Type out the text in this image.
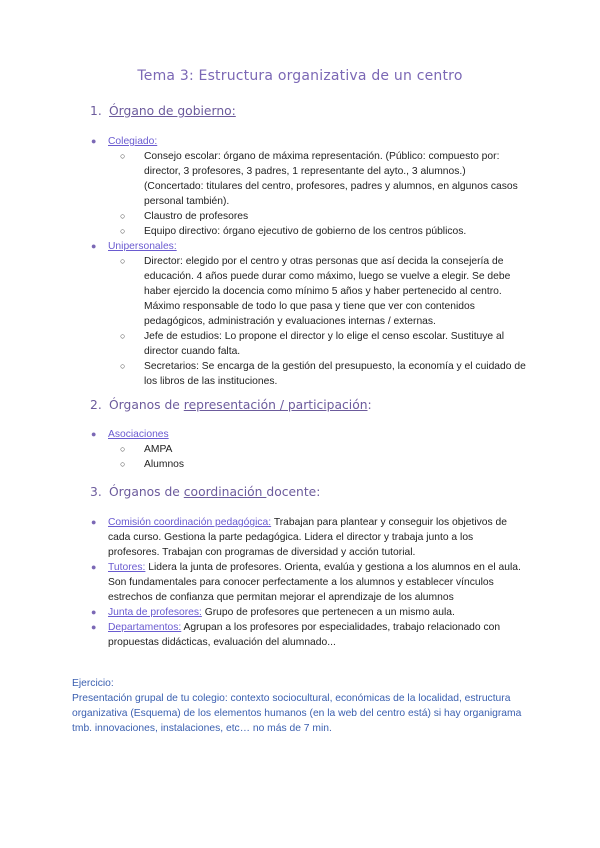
Tema 3: Estructura organizativa de un centro
1. Órgano de gobierno:
● Colegiado:
○ Consejo escolar: órgano de máxima representación. (Público: compuesto por: director, 3 profesores, 3 padres, 1 representante del ayto., 3 alumnos.) (Concertado: titulares del centro, profesores, padres y alumnos, en algunos casos personal también).
○ Claustro de profesores
○ Equipo directivo: órgano ejecutivo de gobierno de los centros públicos.
● Unipersonales:
○ Director: elegido por el centro y otras personas que así decida la consejería de educación. 4 años puede durar como máximo, luego se vuelve a elegir. Se debe haber ejercido la docencia como mínimo 5 años y haber pertenecido al centro. Máximo responsable de todo lo que pasa y tiene que ver con contenidos pedagógicos, administración y evaluaciones internas / externas.
○ Jefe de estudios: Lo propone el director y lo elige el censo escolar. Sustituye al director cuando falta.
○ Secretarios: Se encarga de la gestión del presupuesto, la economía y el cuidado de los libros de las instituciones.
2. Órganos de representación / participación:
● Asociaciones
○ AMPA
○ Alumnos
3. Órganos de coordinación docente:
● Comisión coordinación pedagógica: Trabajan para plantear y conseguir los objetivos de cada curso. Gestiona la parte pedagógica. Lidera el director y trabaja junto a los profesores. Trabajan con programas de diversidad y acción tutorial.
● Tutores: Lidera la junta de profesores. Orienta, evalúa y gestiona a los alumnos en el aula. Son fundamentales para conocer perfectamente a los alumnos y establecer vínculos estrechos de confianza que permitan mejorar el aprendizaje de los alumnos
● Junta de profesores: Grupo de profesores que pertenecen a un mismo aula.
● Departamentos: Agrupan a los profesores por especialidades, trabajo relacionado con propuestas didácticas, evaluación del alumnado...

Ejercicio:

Presentación grupal de tu colegio: contexto sociocultural, económicas de la localidad, estructura organizativa (Esquema) de los elementos humanos (en la web del centro está) si hay organigrama tmb. innovaciones, instalaciones, etc… no más de 7 min.
